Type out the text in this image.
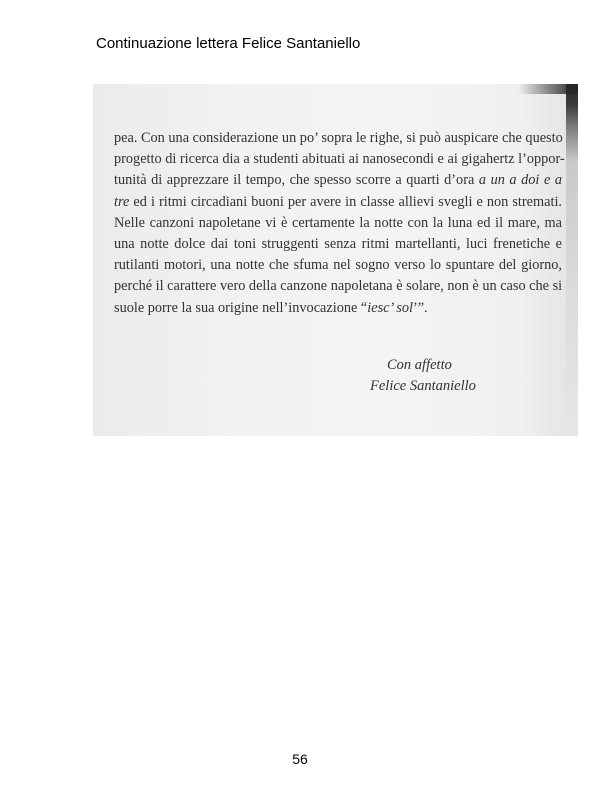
Continuazione lettera Felice Santaniello
pea. Con una considerazione un po’ sopra le righe, si può auspicare che questo
progetto di ricerca dia a studenti abituati ai nanosecondi e ai gigahertz l’oppor-
tunità di apprezzare il tempo, che spesso scorre a quarti d’ora a un a doi e a
tre ed i ritmi circadiani buoni per avere in classe allievi svegli e non stremati.
Nelle canzoni napoletane vi è certamente la notte con la luna ed il mare, ma
una notte dolce dai toni struggenti senza ritmi martellanti, luci frenetiche e
rutilanti motori, una notte che sfuma nel sogno verso lo spuntare del giorno,
perché il carattere vero della canzone napoletana è solare, non è un caso che si
suole porre la sua origine nell’invocazione “iesc’ sol’”.
Con affetto
Felice Santaniello
56
